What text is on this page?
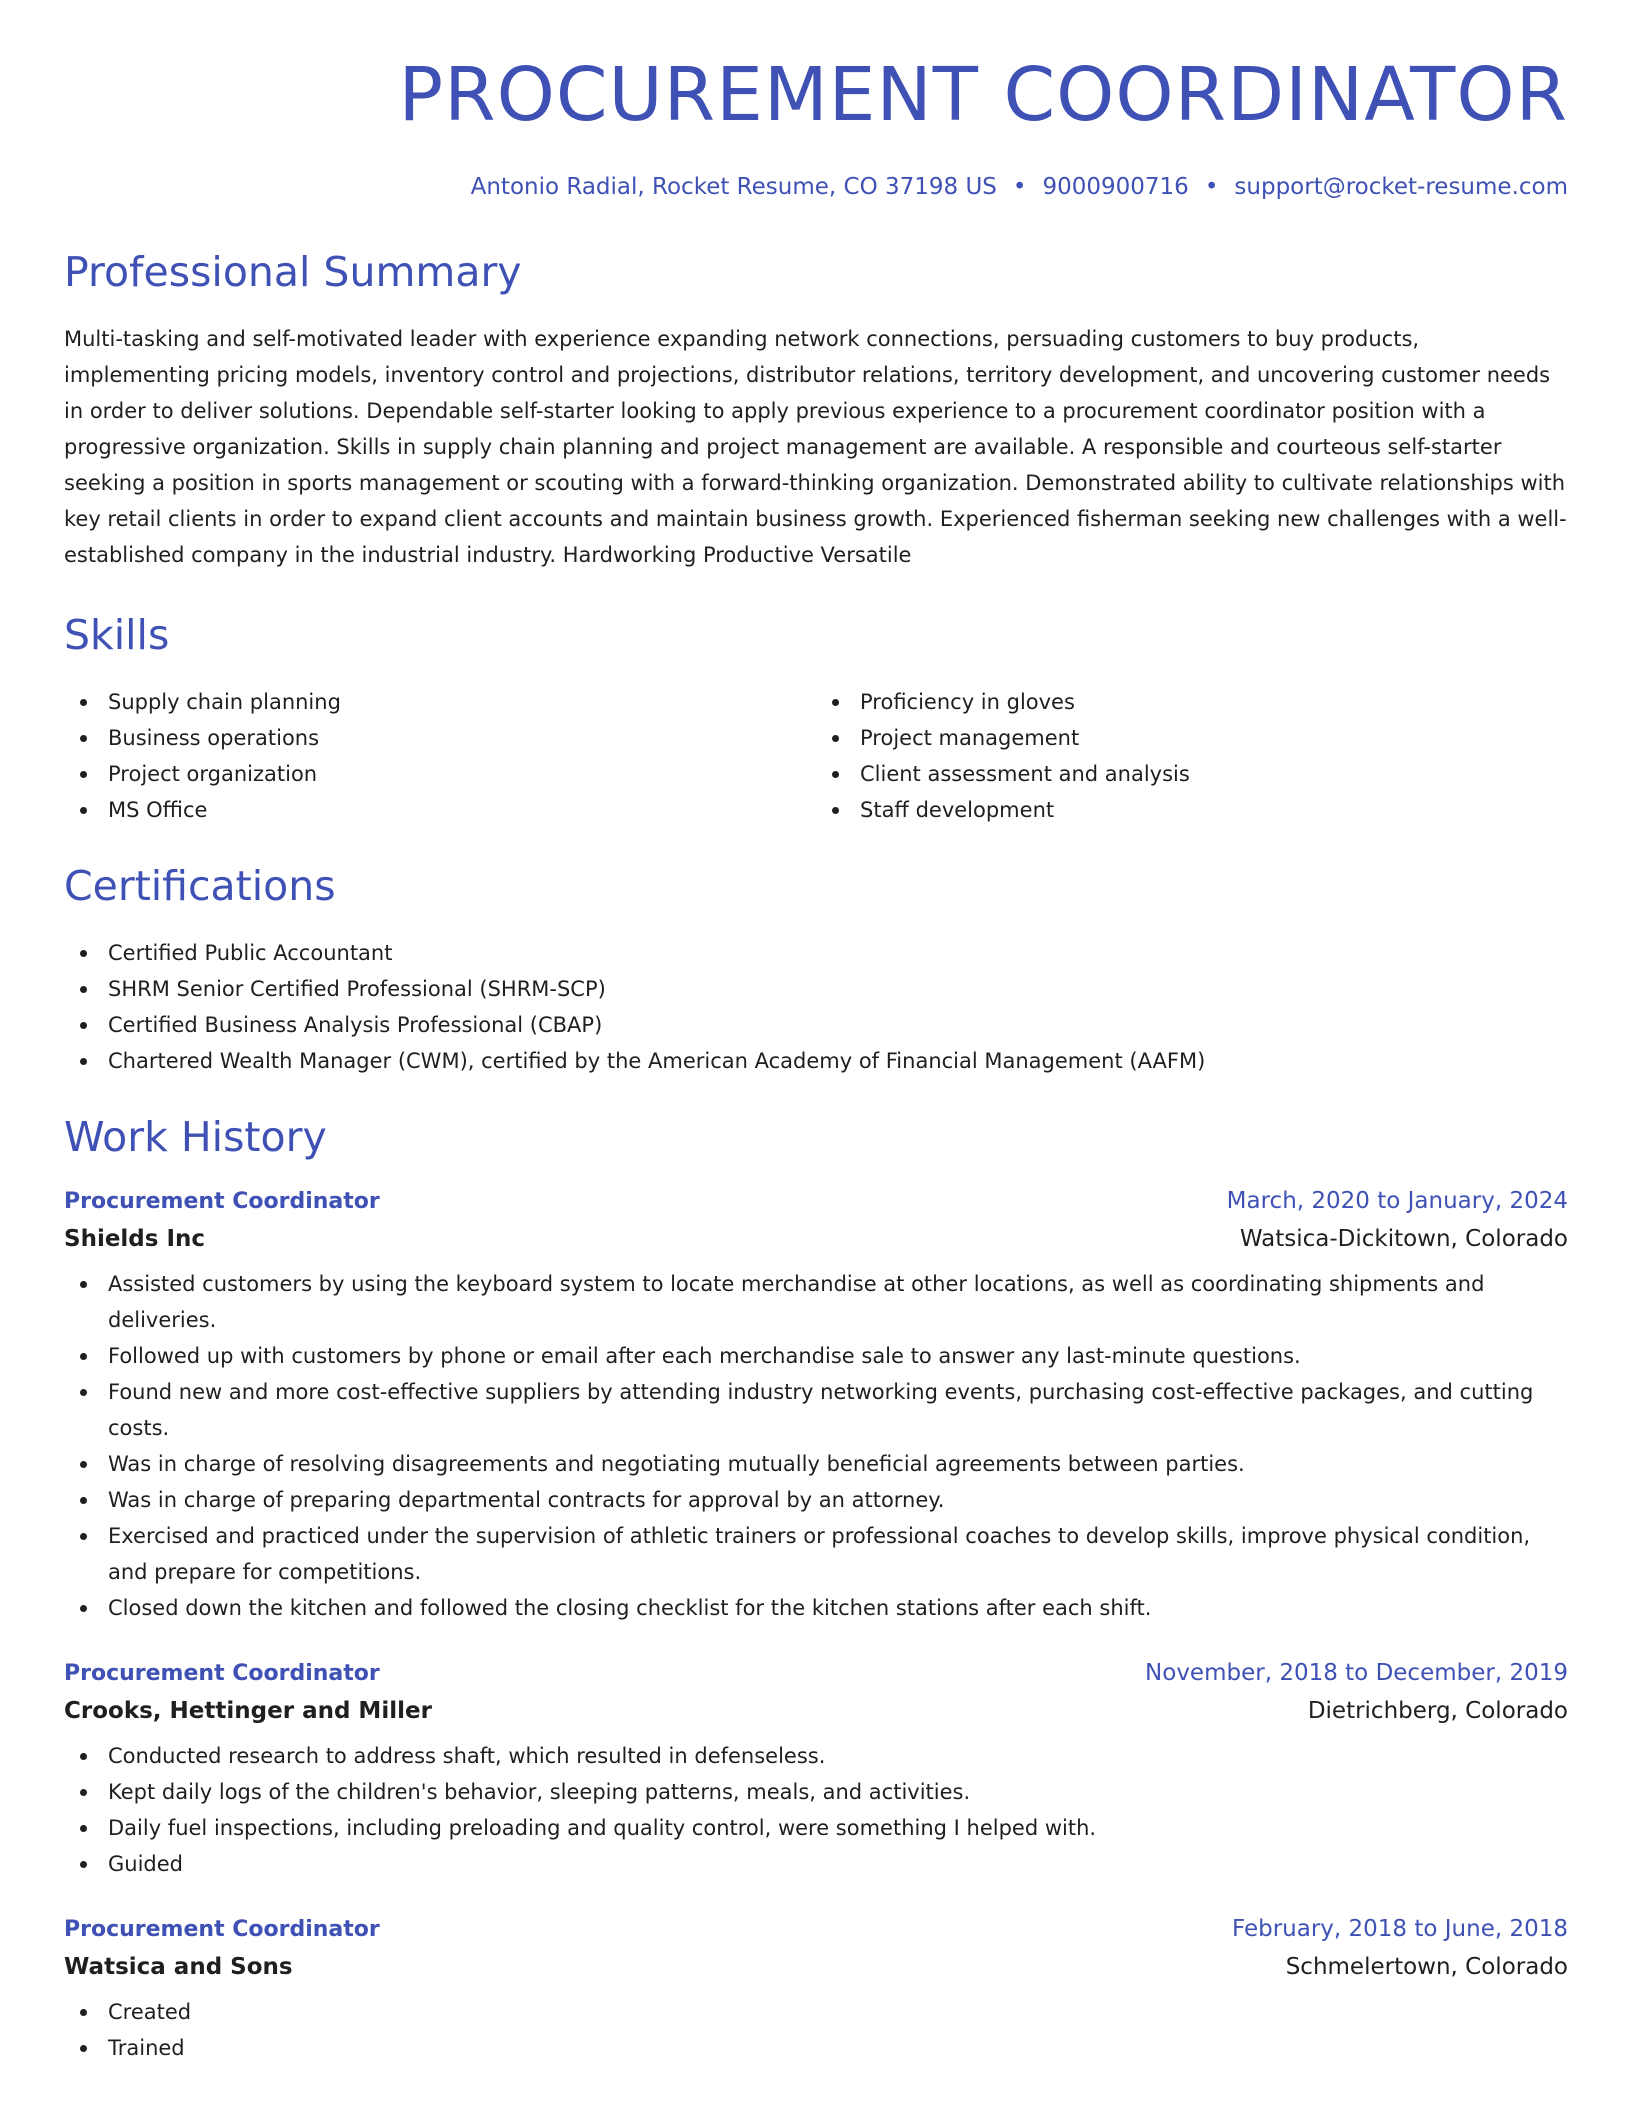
PROCUREMENT COORDINATOR
Antonio Radial, Rocket Resume, CO 37198 US • 9000900716 • support@rocket-resume.com
Professional Summary

Multi-tasking and self-motivated leader with experience expanding network connections, persuading customers to buy products, implementing pricing models, inventory control and projections, distributor relations, territory development, and uncovering customer needs in order to deliver solutions. Dependable self-starter looking to apply previous experience to a procurement coordinator position with a progressive organization. Skills in supply chain planning and project management are available. A responsible and courteous self-starter seeking a position in sports management or scouting with a forward-thinking organization. Demonstrated ability to cultivate relationships with key retail clients in order to expand client accounts and maintain business growth. Experienced fisherman seeking new challenges with a well-established company in the industrial industry. Hardworking Productive Versatile

Skills
Supply chain planning
Business operations
Project organization
MS Office
Proficiency in gloves
Project management
Client assessment and analysis
Staff development
Certifications
Certified Public Accountant
SHRM Senior Certified Professional (SHRM-SCP)
Certified Business Analysis Professional (CBAP)
Chartered Wealth Manager (CWM), certified by the American Academy of Financial Management (AAFM)
Work History
Procurement Coordinator	March, 2020 to January, 2024
Shields Inc	Watsica-Dickitown, Colorado
Assisted customers by using the keyboard system to locate merchandise at other locations, as well as coordinating shipments and deliveries.
Followed up with customers by phone or email after each merchandise sale to answer any last-minute questions.
Found new and more cost-effective suppliers by attending industry networking events, purchasing cost-effective packages, and cutting costs.
Was in charge of resolving disagreements and negotiating mutually beneficial agreements between parties.
Was in charge of preparing departmental contracts for approval by an attorney.
Exercised and practiced under the supervision of athletic trainers or professional coaches to develop skills, improve physical condition, and prepare for competitions.
Closed down the kitchen and followed the closing checklist for the kitchen stations after each shift.
Procurement Coordinator	November, 2018 to December, 2019
Crooks, Hettinger and Miller	Dietrichberg, Colorado
Conducted research to address shaft, which resulted in defenseless.
Kept daily logs of the children's behavior, sleeping patterns, meals, and activities.
Daily fuel inspections, including preloading and quality control, were something I helped with.
Guided
Procurement Coordinator	February, 2018 to June, 2018
Watsica and Sons	Schmelertown, Colorado
Created
Trained
